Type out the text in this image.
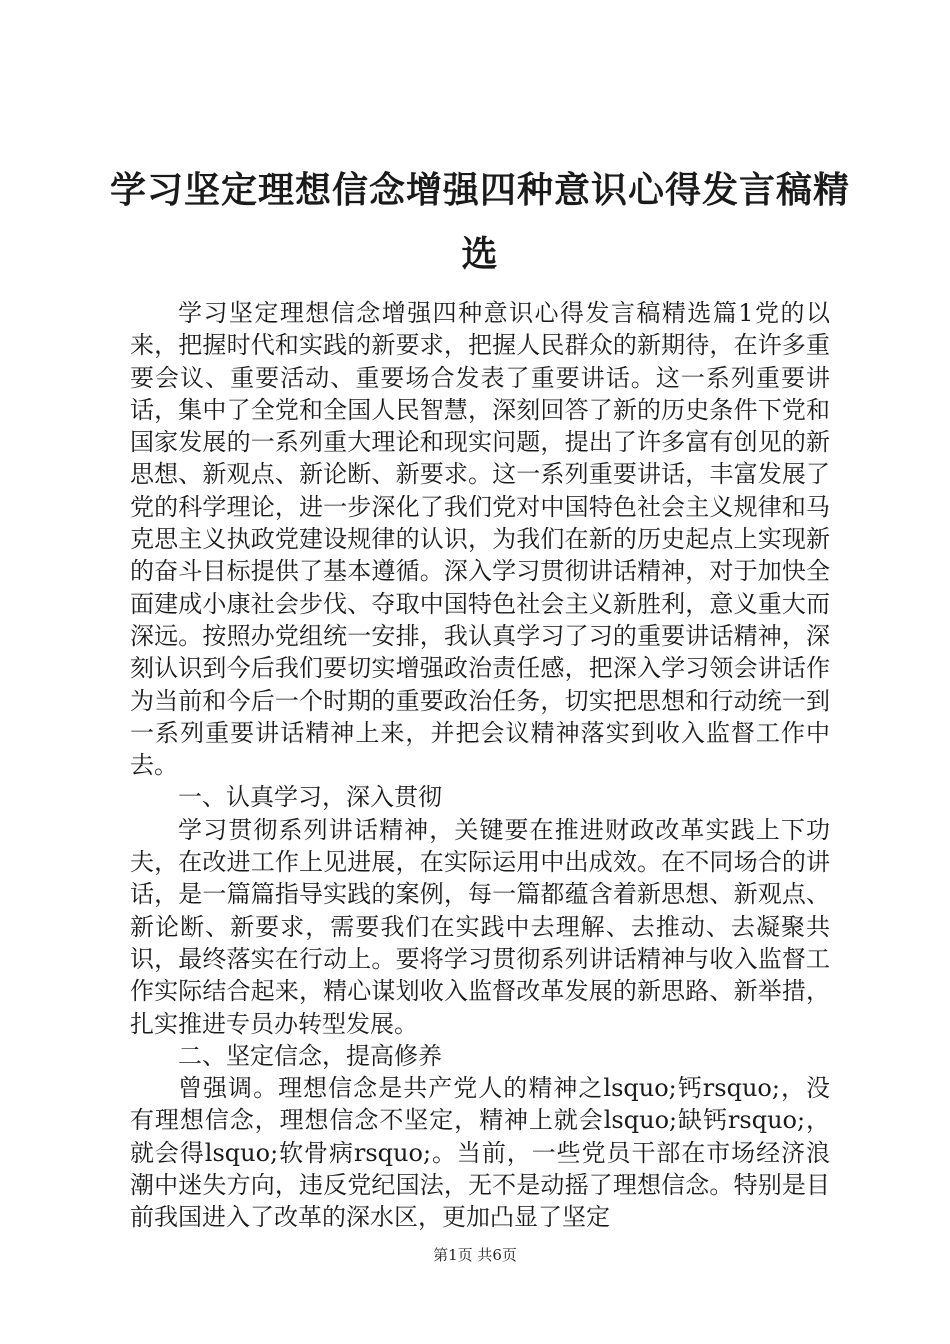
学习坚定理想信念增强四种意识心得发言稿精选

学习坚定理想信念增强四种意识心得发言稿精选篇1党的以来，把握时代和实践的新要求，把握人民群众的新期待，在许多重要会议、重要活动、重要场合发表了重要讲话。这一系列重要讲话，集中了全党和全国人民智慧，深刻回答了新的历史条件下党和国家发展的一系列重大理论和现实问题，提出了许多富有创见的新思想、新观点、新论断、新要求。这一系列重要讲话，丰富发展了党的科学理论，进一步深化了我们党对中国特色社会主义规律和马克思主义执政党建设规律的认识，为我们在新的历史起点上实现新的奋斗目标提供了基本遵循。深入学习贯彻讲话精神，对于加快全面建成小康社会步伐、夺取中国特色社会主义新胜利，意义重大而深远。按照办党组统一安排，我认真学习了习的重要讲话精神，深刻认识到今后我们要切实增强政治责任感，把深入学习领会讲话作为当前和今后一个时期的重要政治任务，切实把思想和行动统一到一系列重要讲话精神上来，并把会议精神落实到收入监督工作中去。

一、认真学习，深入贯彻

学习贯彻系列讲话精神，关键要在推进财政改革实践上下功夫，在改进工作上见进展，在实际运用中出成效。在不同场合的讲话，是一篇篇指导实践的案例，每一篇都蕴含着新思想、新观点、新论断、新要求，需要我们在实践中去理解、去推动、去凝聚共识，最终落实在行动上。要将学习贯彻系列讲话精神与收入监督工作实际结合起来，精心谋划收入监督改革发展的新思路、新举措，扎实推进专员办转型发展。

二、坚定信念，提高修养

曾强调。理想信念是共产党人的精神之lsquo;钙rsquo;，没有理想信念，理想信念不坚定，精神上就会lsquo;缺钙rsquo;，就会得lsquo;软骨病rsquo;。当前，一些党员干部在市场经济浪潮中迷失方向，违反党纪国法，无不是动摇了理想信念。特别是目前我国进入了改革的深水区，更加凸显了坚定

第1页 共6页
